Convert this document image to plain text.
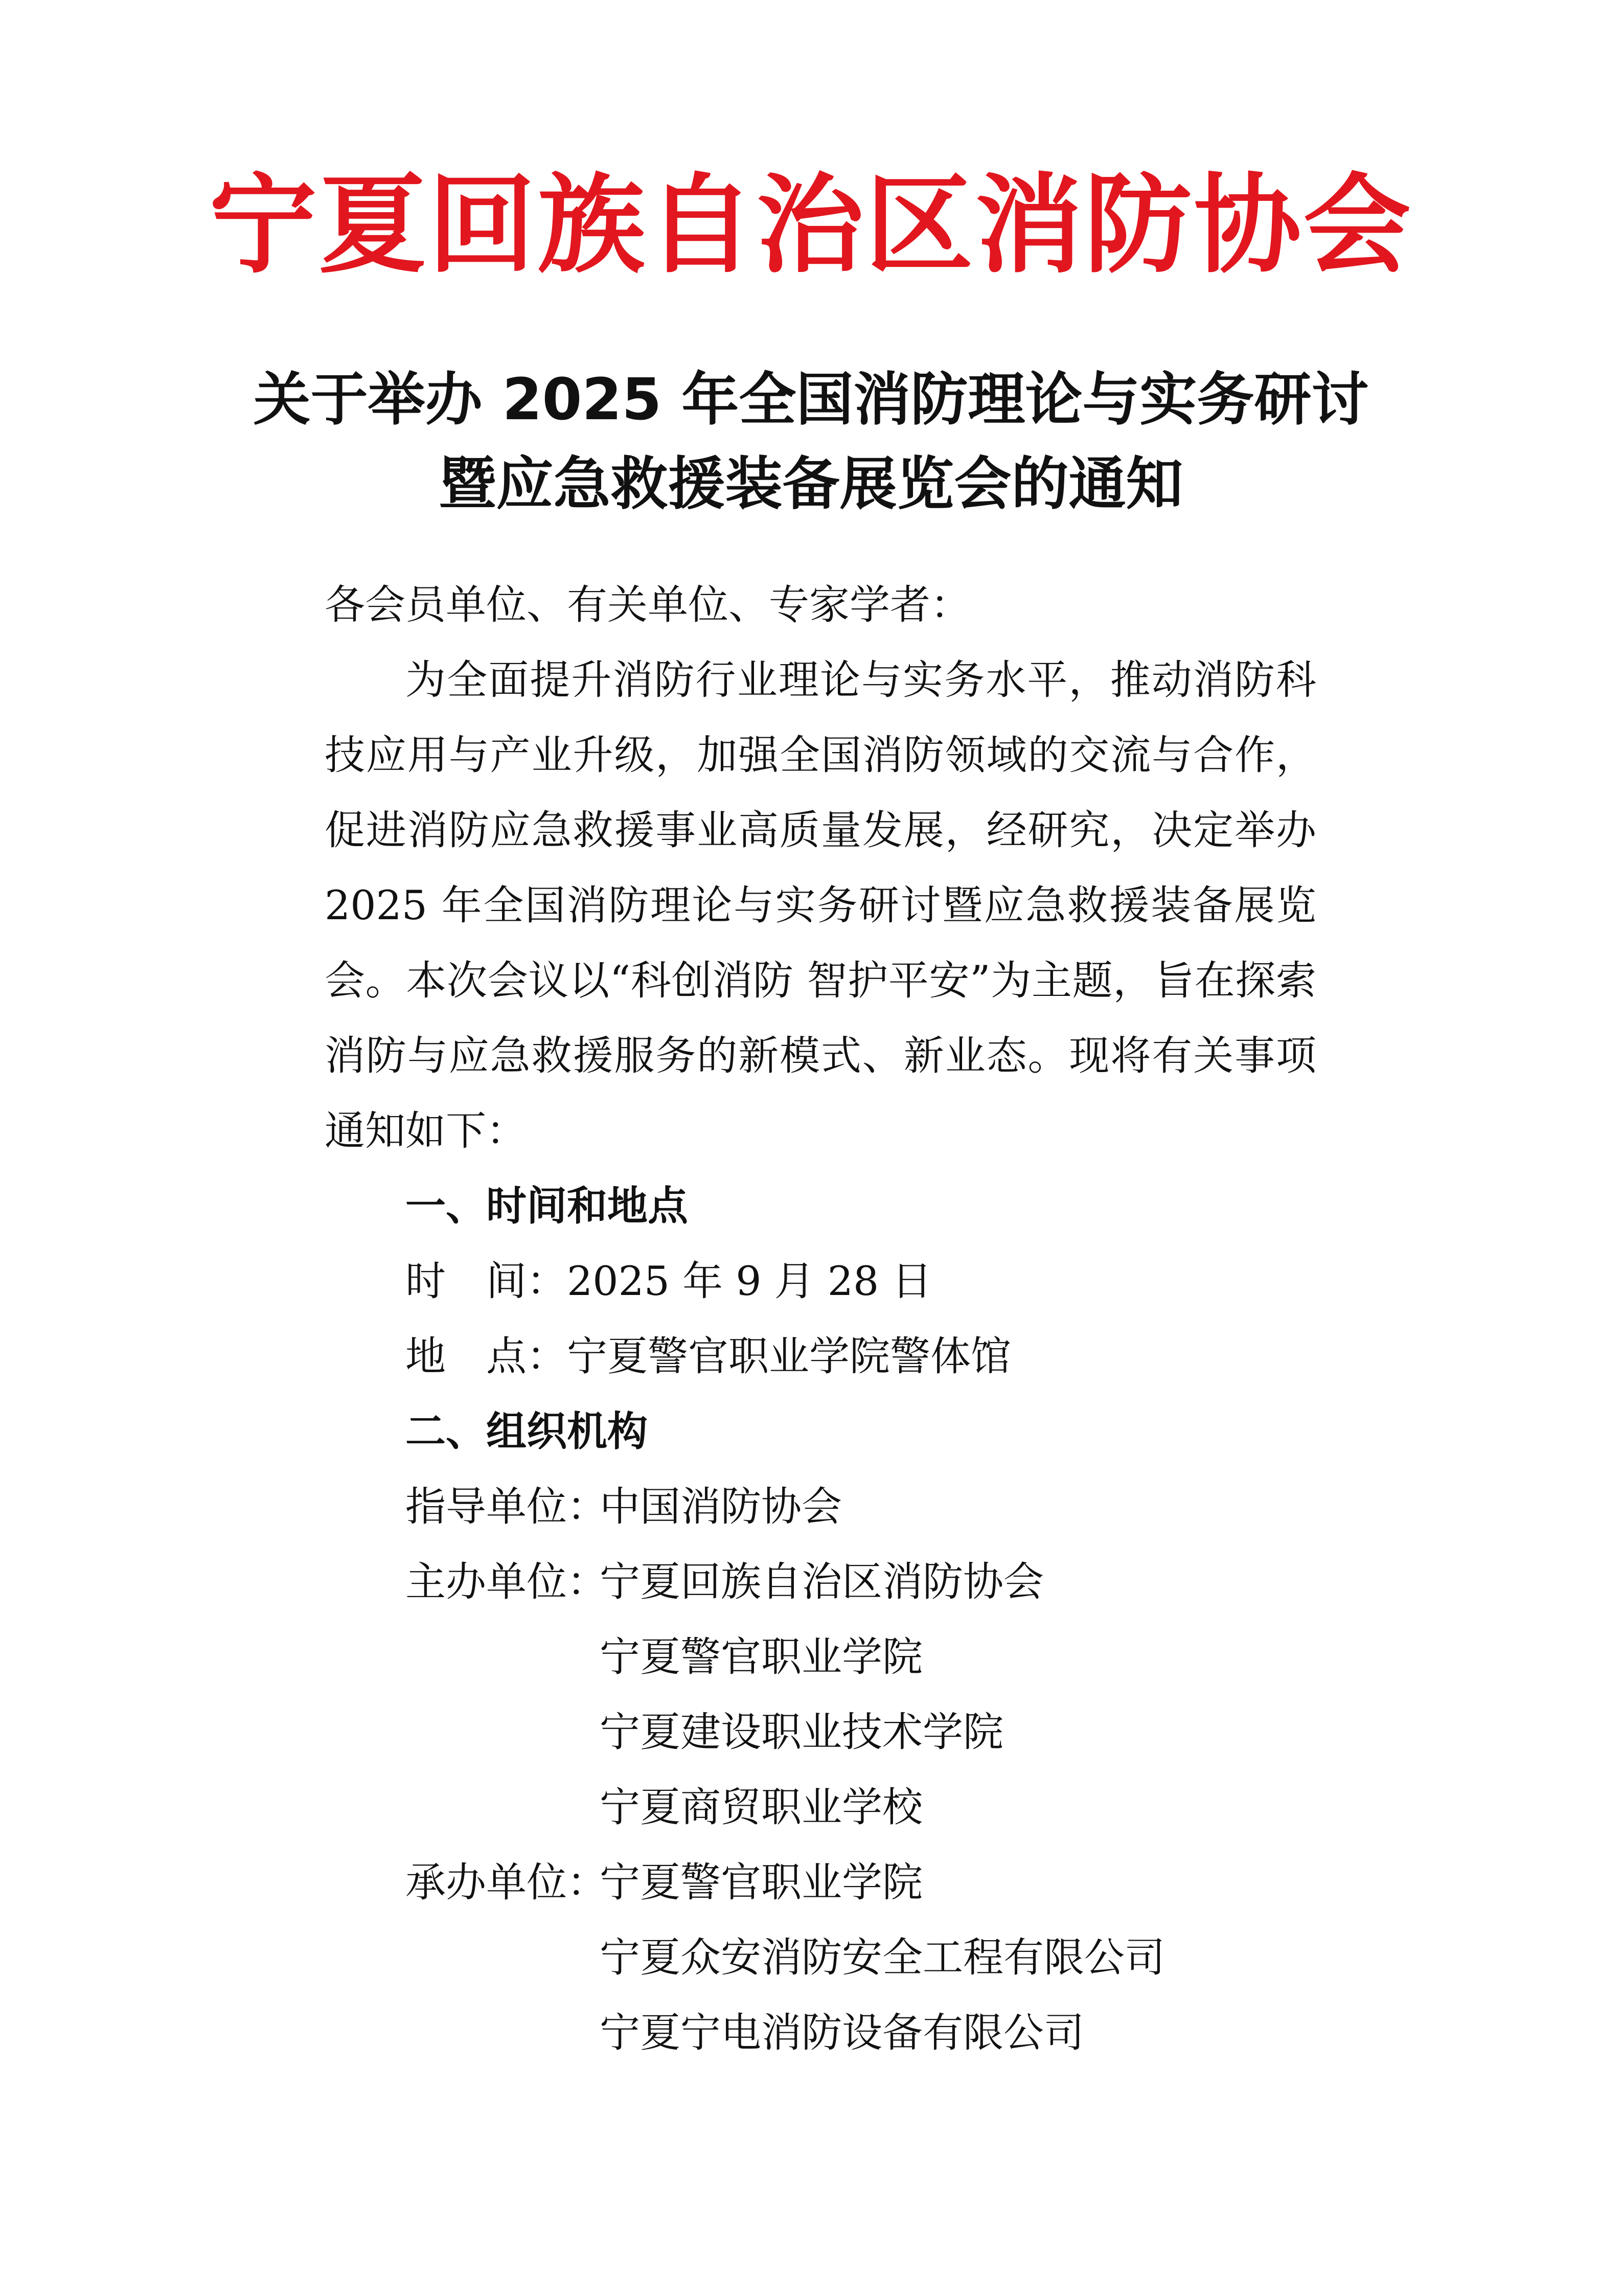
宁夏回族自治区消防协会
关于举办 2025 年全国消防理论与实务研讨
暨应急救援装备展览会的通知

各会员单位、有关单位、专家学者：

为全面提升消防行业理论与实务水平，推动消防科技应用与产业升级，加强全国消防领域的交流与合作，促进消防应急救援事业高质量发展，经研究，决定举办 2025 年全国消防理论与实务研讨暨应急救援装备展览会。本次会议以“科创消防 智护平安”为主题，旨在探索消防与应急救援服务的新模式、新业态。现将有关事项通知如下：

一、时间和地点

时　间：2025 年 9 月 28 日

地　点：宁夏警官职业学院警体馆

二、组织机构

指导单位：
中国消防协会
主办单位：
宁夏回族自治区消防协会
宁夏警官职业学院
宁夏建设职业技术学院
宁夏商贸职业学校
承办单位：
宁夏警官职业学院
宁夏众安消防安全工程有限公司
宁夏宁电消防设备有限公司
